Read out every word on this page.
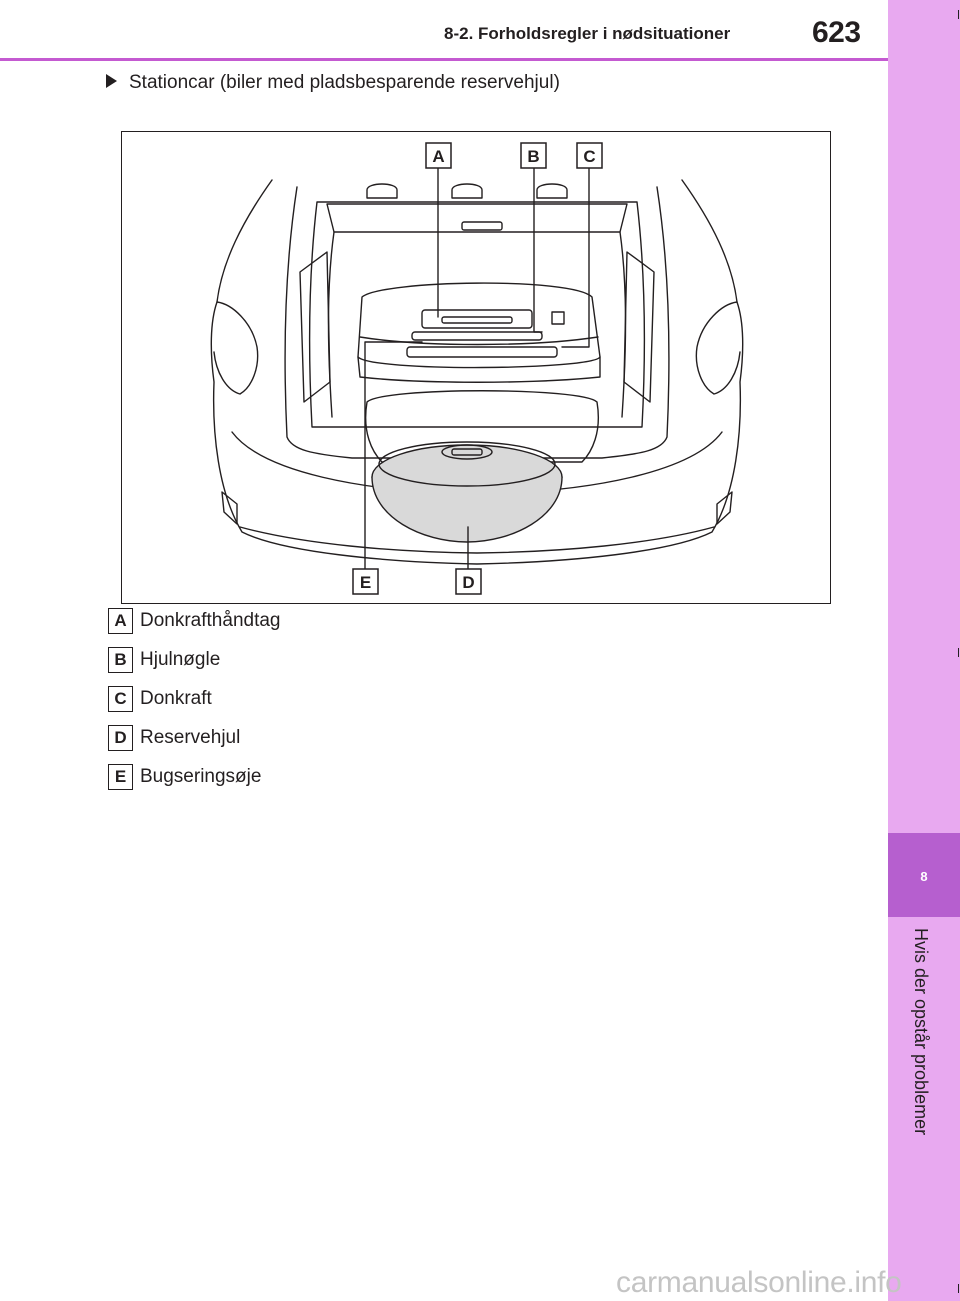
8-2. Forholdsregler i nødsituationer	623
8
Hvis der opstår problemer
Stationcar (biler med pladsbesparende reservehjul)
A	B	C
D
E
A Donkrafthåndtag
B Hjulnøgle
C Donkraft
D Reservehjul
E Bugseringsøje
carmanualsonline.info
